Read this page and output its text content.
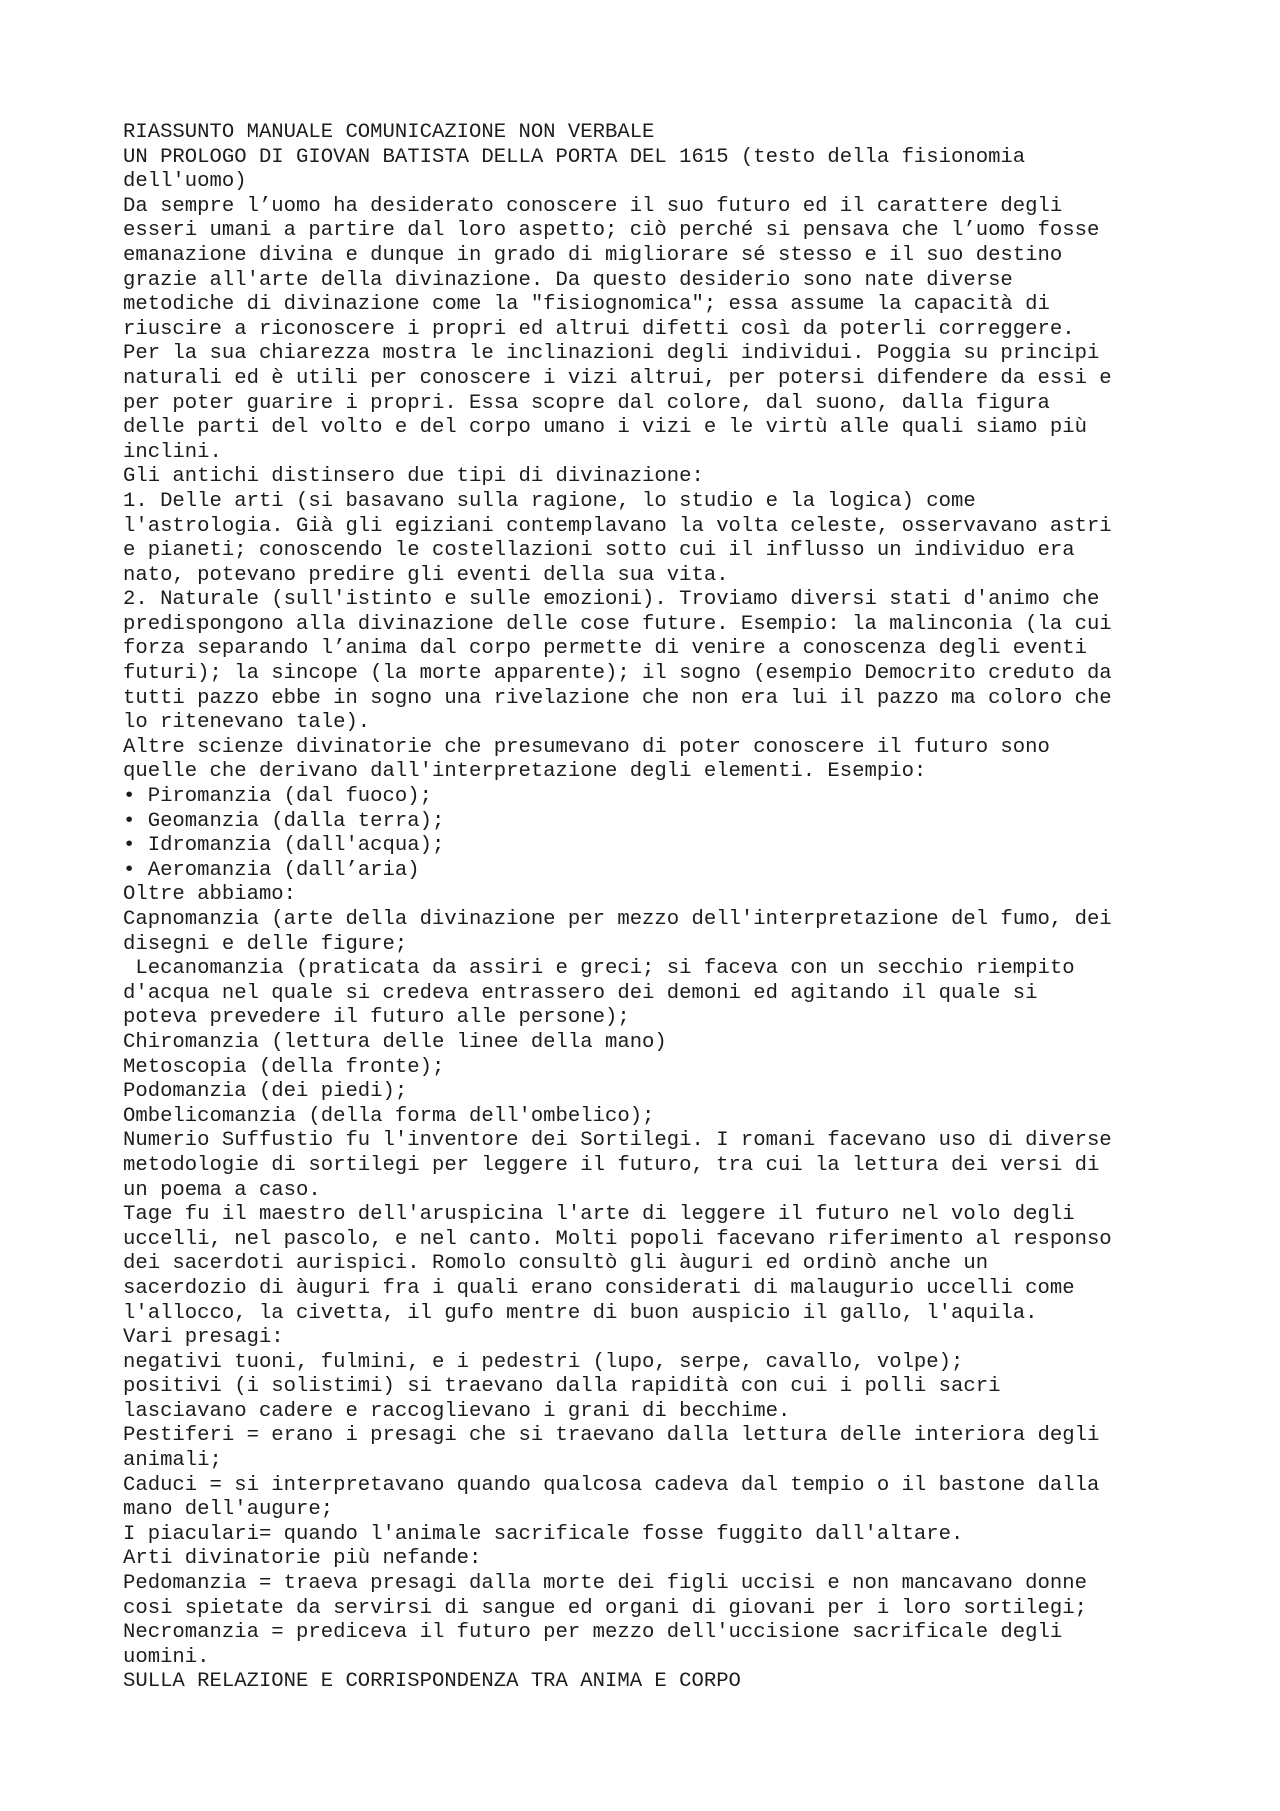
RIASSUNTO MANUALE COMUNICAZIONE NON VERBALE
UN PROLOGO DI GIOVAN BATISTA DELLA PORTA DEL 1615 (testo della fisionomia
dell'uomo)
Da sempre l’uomo ha desiderato conoscere il suo futuro ed il carattere degli
esseri umani a partire dal loro aspetto; ciò perché si pensava che l’uomo fosse
emanazione divina e dunque in grado di migliorare sé stesso e il suo destino
grazie all'arte della divinazione. Da questo desiderio sono nate diverse
metodiche di divinazione come la "fisiognomica"; essa assume la capacità di
riuscire a riconoscere i propri ed altrui difetti così da poterli correggere.
Per la sua chiarezza mostra le inclinazioni degli individui. Poggia su principi
naturali ed è utili per conoscere i vizi altrui, per potersi difendere da essi e
per poter guarire i propri. Essa scopre dal colore, dal suono, dalla figura
delle parti del volto e del corpo umano i vizi e le virtù alle quali siamo più
inclini.
Gli antichi distinsero due tipi di divinazione:
1. Delle arti (si basavano sulla ragione, lo studio e la logica) come
l'astrologia. Già gli egiziani contemplavano la volta celeste, osservavano astri
e pianeti; conoscendo le costellazioni sotto cui il influsso un individuo era
nato, potevano predire gli eventi della sua vita.
2. Naturale (sull'istinto e sulle emozioni). Troviamo diversi stati d'animo che
predispongono alla divinazione delle cose future. Esempio: la malinconia (la cui
forza separando l’anima dal corpo permette di venire a conoscenza degli eventi
futuri); la sincope (la morte apparente); il sogno (esempio Democrito creduto da
tutti pazzo ebbe in sogno una rivelazione che non era lui il pazzo ma coloro che
lo ritenevano tale).
Altre scienze divinatorie che presumevano di poter conoscere il futuro sono
quelle che derivano dall'interpretazione degli elementi. Esempio:
• Piromanzia (dal fuoco);
• Geomanzia (dalla terra);
• Idromanzia (dall'acqua);
• Aeromanzia (dall’aria)
Oltre abbiamo:
Capnomanzia (arte della divinazione per mezzo dell'interpretazione del fumo, dei
disegni e delle figure;
Lecanomanzia (praticata da assiri e greci; si faceva con un secchio riempito
d'acqua nel quale si credeva entrassero dei demoni ed agitando il quale si
poteva prevedere il futuro alle persone);
Chiromanzia (lettura delle linee della mano)
Metoscopia (della fronte);
Podomanzia (dei piedi);
Ombelicomanzia (della forma dell'ombelico);
Numerio Suffustio fu l'inventore dei Sortilegi. I romani facevano uso di diverse
metodologie di sortilegi per leggere il futuro, tra cui la lettura dei versi di
un poema a caso.
Tage fu il maestro dell'aruspicina l'arte di leggere il futuro nel volo degli
uccelli, nel pascolo, e nel canto. Molti popoli facevano riferimento al responso
dei sacerdoti aurispici. Romolo consultò gli àuguri ed ordinò anche un
sacerdozio di àuguri fra i quali erano considerati di malaugurio uccelli come
l'allocco, la civetta, il gufo mentre di buon auspicio il gallo, l'aquila.
Vari presagi:
negativi tuoni, fulmini, e i pedestri (lupo, serpe, cavallo, volpe);
positivi (i solistimi) si traevano dalla rapidità con cui i polli sacri
lasciavano cadere e raccoglievano i grani di becchime.
Pestiferi = erano i presagi che si traevano dalla lettura delle interiora degli
animali;
Caduci = si interpretavano quando qualcosa cadeva dal tempio o il bastone dalla
mano dell'augure;
I piaculari= quando l'animale sacrificale fosse fuggito dall'altare.
Arti divinatorie più nefande:
Pedomanzia = traeva presagi dalla morte dei figli uccisi e non mancavano donne
cosi spietate da servirsi di sangue ed organi di giovani per i loro sortilegi;
Necromanzia = prediceva il futuro per mezzo dell'uccisione sacrificale degli
uomini.
SULLA RELAZIONE E CORRISPONDENZA TRA ANIMA E CORPO
